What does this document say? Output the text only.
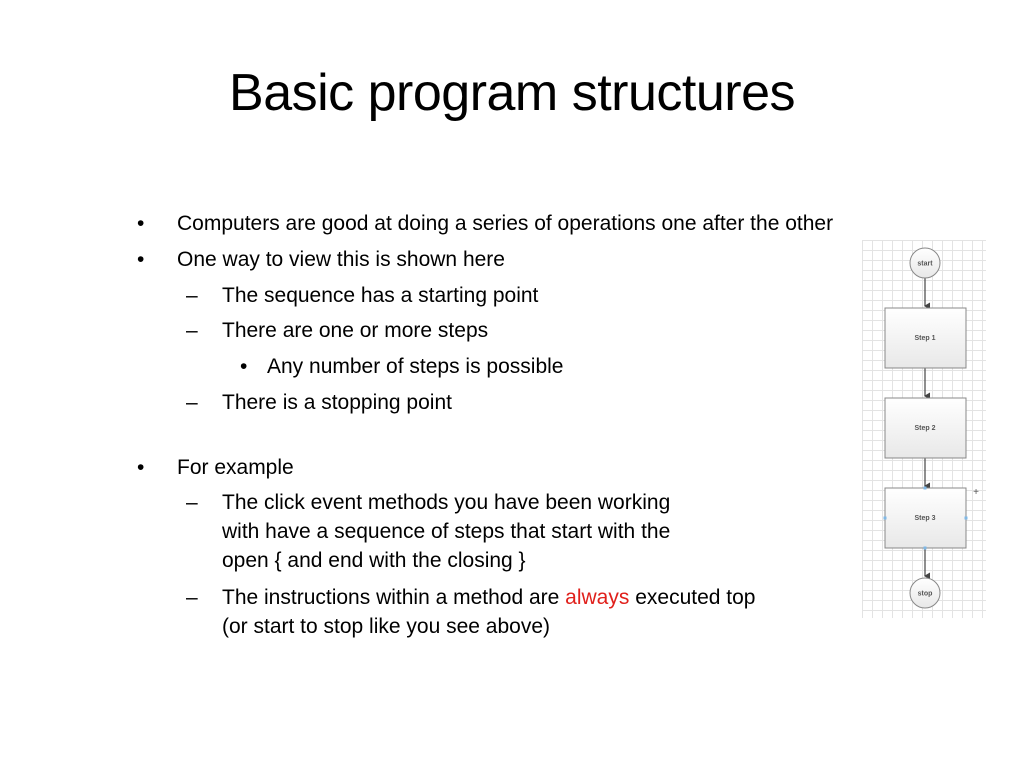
Basic program structures
• Computers are good at doing a series of operations one after the other
• One way to view this is shown here
– The sequence has a starting point
– There are one or more steps
• Any number of steps is possible
– There is a stopping point
• For example
– The click event methods you have been working
with have a sequence of steps that start with the
open { and end with the closing }
– The instructions within a method are always executed top
(or start to stop like you see above)
start
Step 1
Step 2
Step 3
+
stop
